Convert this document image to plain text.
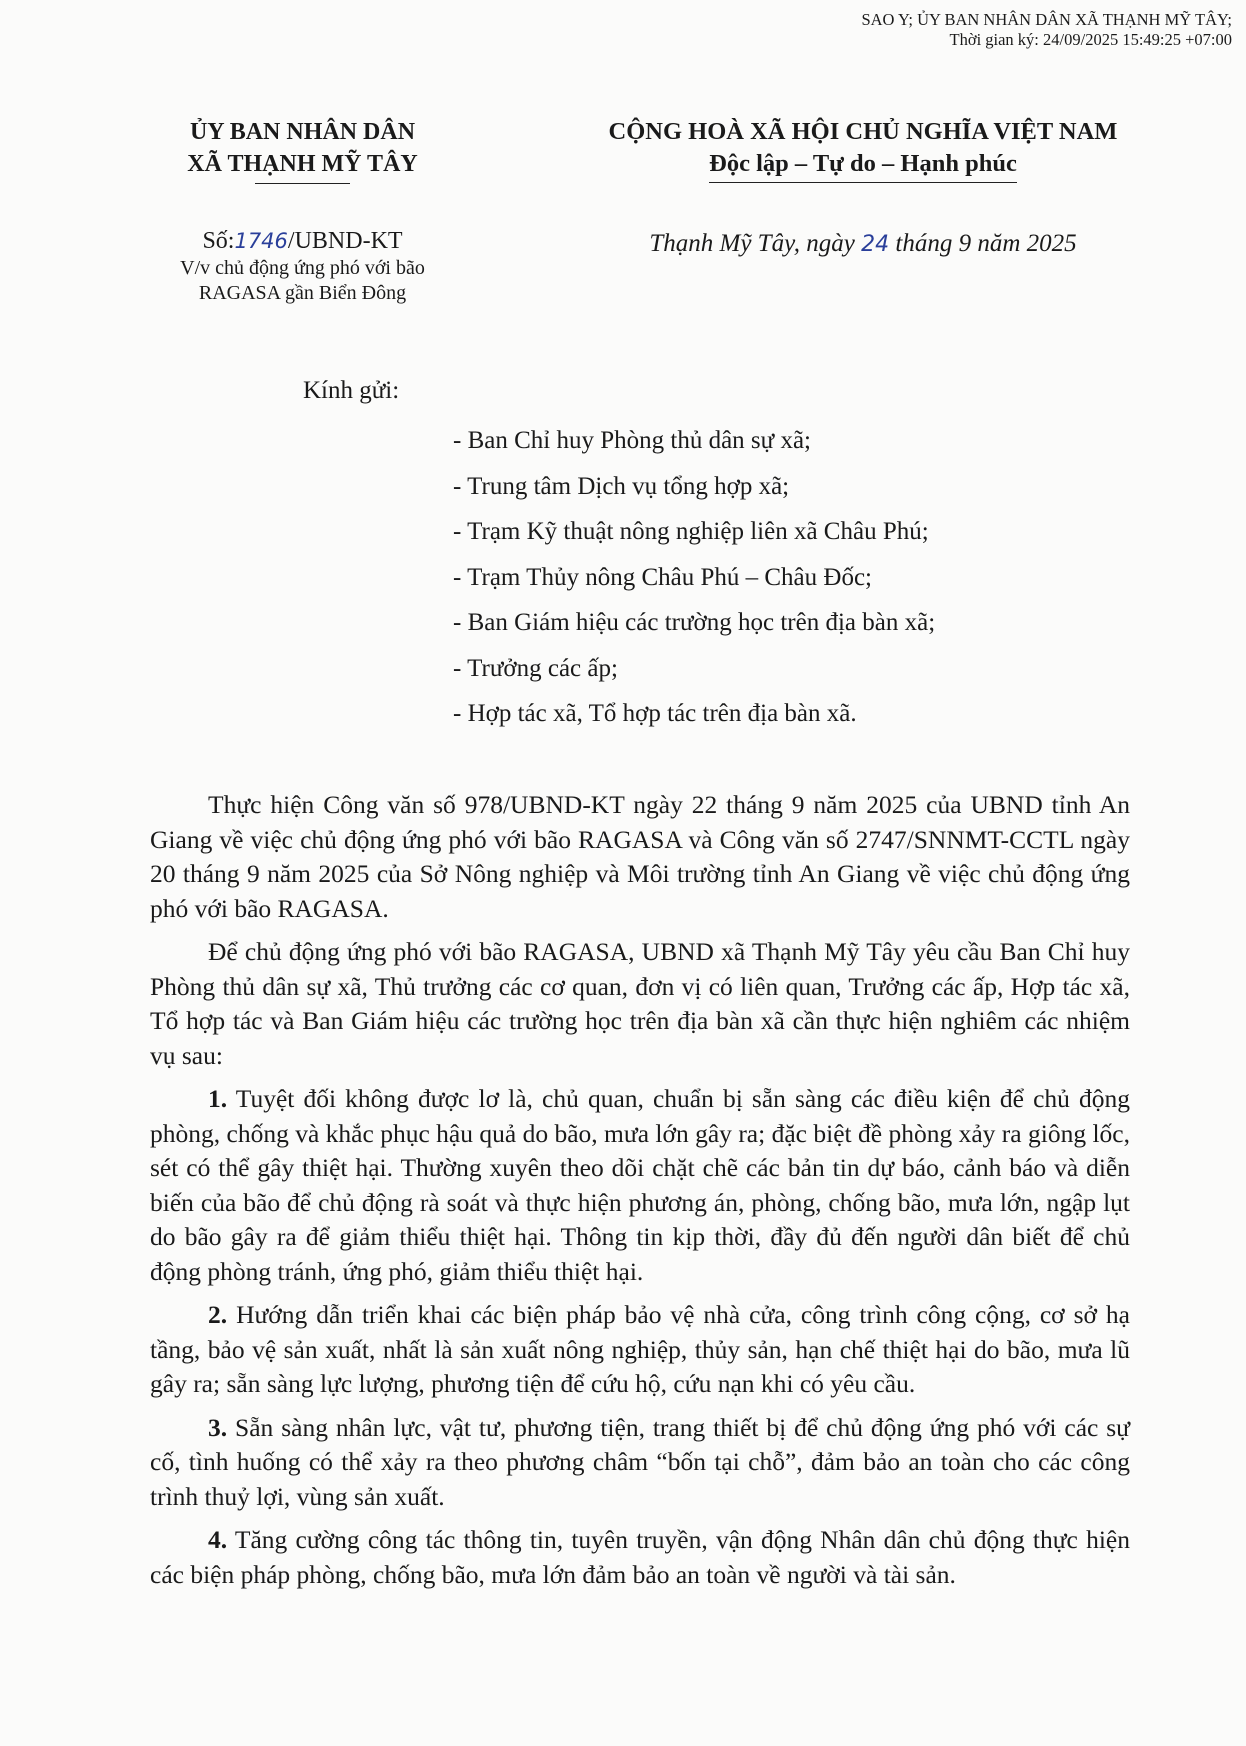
SAO Y; ỦY BAN NHÂN DÂN XÃ THẠNH MỸ TÂY;
Thời gian ký: 24/09/2025 15:49:25 +07:00
ỦY BAN NHÂN DÂN
XÃ THẠNH MỸ TÂY
CỘNG HOÀ XÃ HỘI CHỦ NGHĨA VIỆT NAM
Độc lập – Tự do – Hạnh phúc
Số:1746/UBND-KT
V/v chủ động ứng phó với bão
RAGASA gần Biển Đông
Thạnh Mỹ Tây, ngày 24 tháng 9 năm 2025
Kính gửi:
- Ban Chỉ huy Phòng thủ dân sự xã;
- Trung tâm Dịch vụ tổng hợp xã;
- Trạm Kỹ thuật nông nghiệp liên xã Châu Phú;
- Trạm Thủy nông Châu Phú – Châu Đốc;
- Ban Giám hiệu các trường học trên địa bàn xã;
- Trưởng các ấp;
- Hợp tác xã, Tổ hợp tác trên địa bàn xã.

Thực hiện Công văn số 978/UBND-KT ngày 22 tháng 9 năm 2025 của UBND tỉnh An Giang về việc chủ động ứng phó với bão RAGASA và Công văn số 2747/SNNMT-CCTL ngày 20 tháng 9 năm 2025 của Sở Nông nghiệp và Môi trường tỉnh An Giang về việc chủ động ứng phó với bão RAGASA.

Để chủ động ứng phó với bão RAGASA, UBND xã Thạnh Mỹ Tây yêu cầu Ban Chỉ huy Phòng thủ dân sự xã, Thủ trưởng các cơ quan, đơn vị có liên quan, Trưởng các ấp, Hợp tác xã, Tổ hợp tác và Ban Giám hiệu các trường học trên địa bàn xã cần thực hiện nghiêm các nhiệm vụ sau:

1. Tuyệt đối không được lơ là, chủ quan, chuẩn bị sẵn sàng các điều kiện để chủ động phòng, chống và khắc phục hậu quả do bão, mưa lớn gây ra; đặc biệt đề phòng xảy ra giông lốc, sét có thể gây thiệt hại. Thường xuyên theo dõi chặt chẽ các bản tin dự báo, cảnh báo và diễn biến của bão để chủ động rà soát và thực hiện phương án, phòng, chống bão, mưa lớn, ngập lụt do bão gây ra để giảm thiểu thiệt hại. Thông tin kịp thời, đầy đủ đến người dân biết để chủ động phòng tránh, ứng phó, giảm thiểu thiệt hại.

2. Hướng dẫn triển khai các biện pháp bảo vệ nhà cửa, công trình công cộng, cơ sở hạ tầng, bảo vệ sản xuất, nhất là sản xuất nông nghiệp, thủy sản, hạn chế thiệt hại do bão, mưa lũ gây ra; sẵn sàng lực lượng, phương tiện để cứu hộ, cứu nạn khi có yêu cầu.

3. Sẵn sàng nhân lực, vật tư, phương tiện, trang thiết bị để chủ động ứng phó với các sự cố, tình huống có thể xảy ra theo phương châm “bốn tại chỗ”, đảm bảo an toàn cho các công trình thuỷ lợi, vùng sản xuất.

4. Tăng cường công tác thông tin, tuyên truyền, vận động Nhân dân chủ động thực hiện các biện pháp phòng, chống bão, mưa lớn đảm bảo an toàn về người và tài sản.
